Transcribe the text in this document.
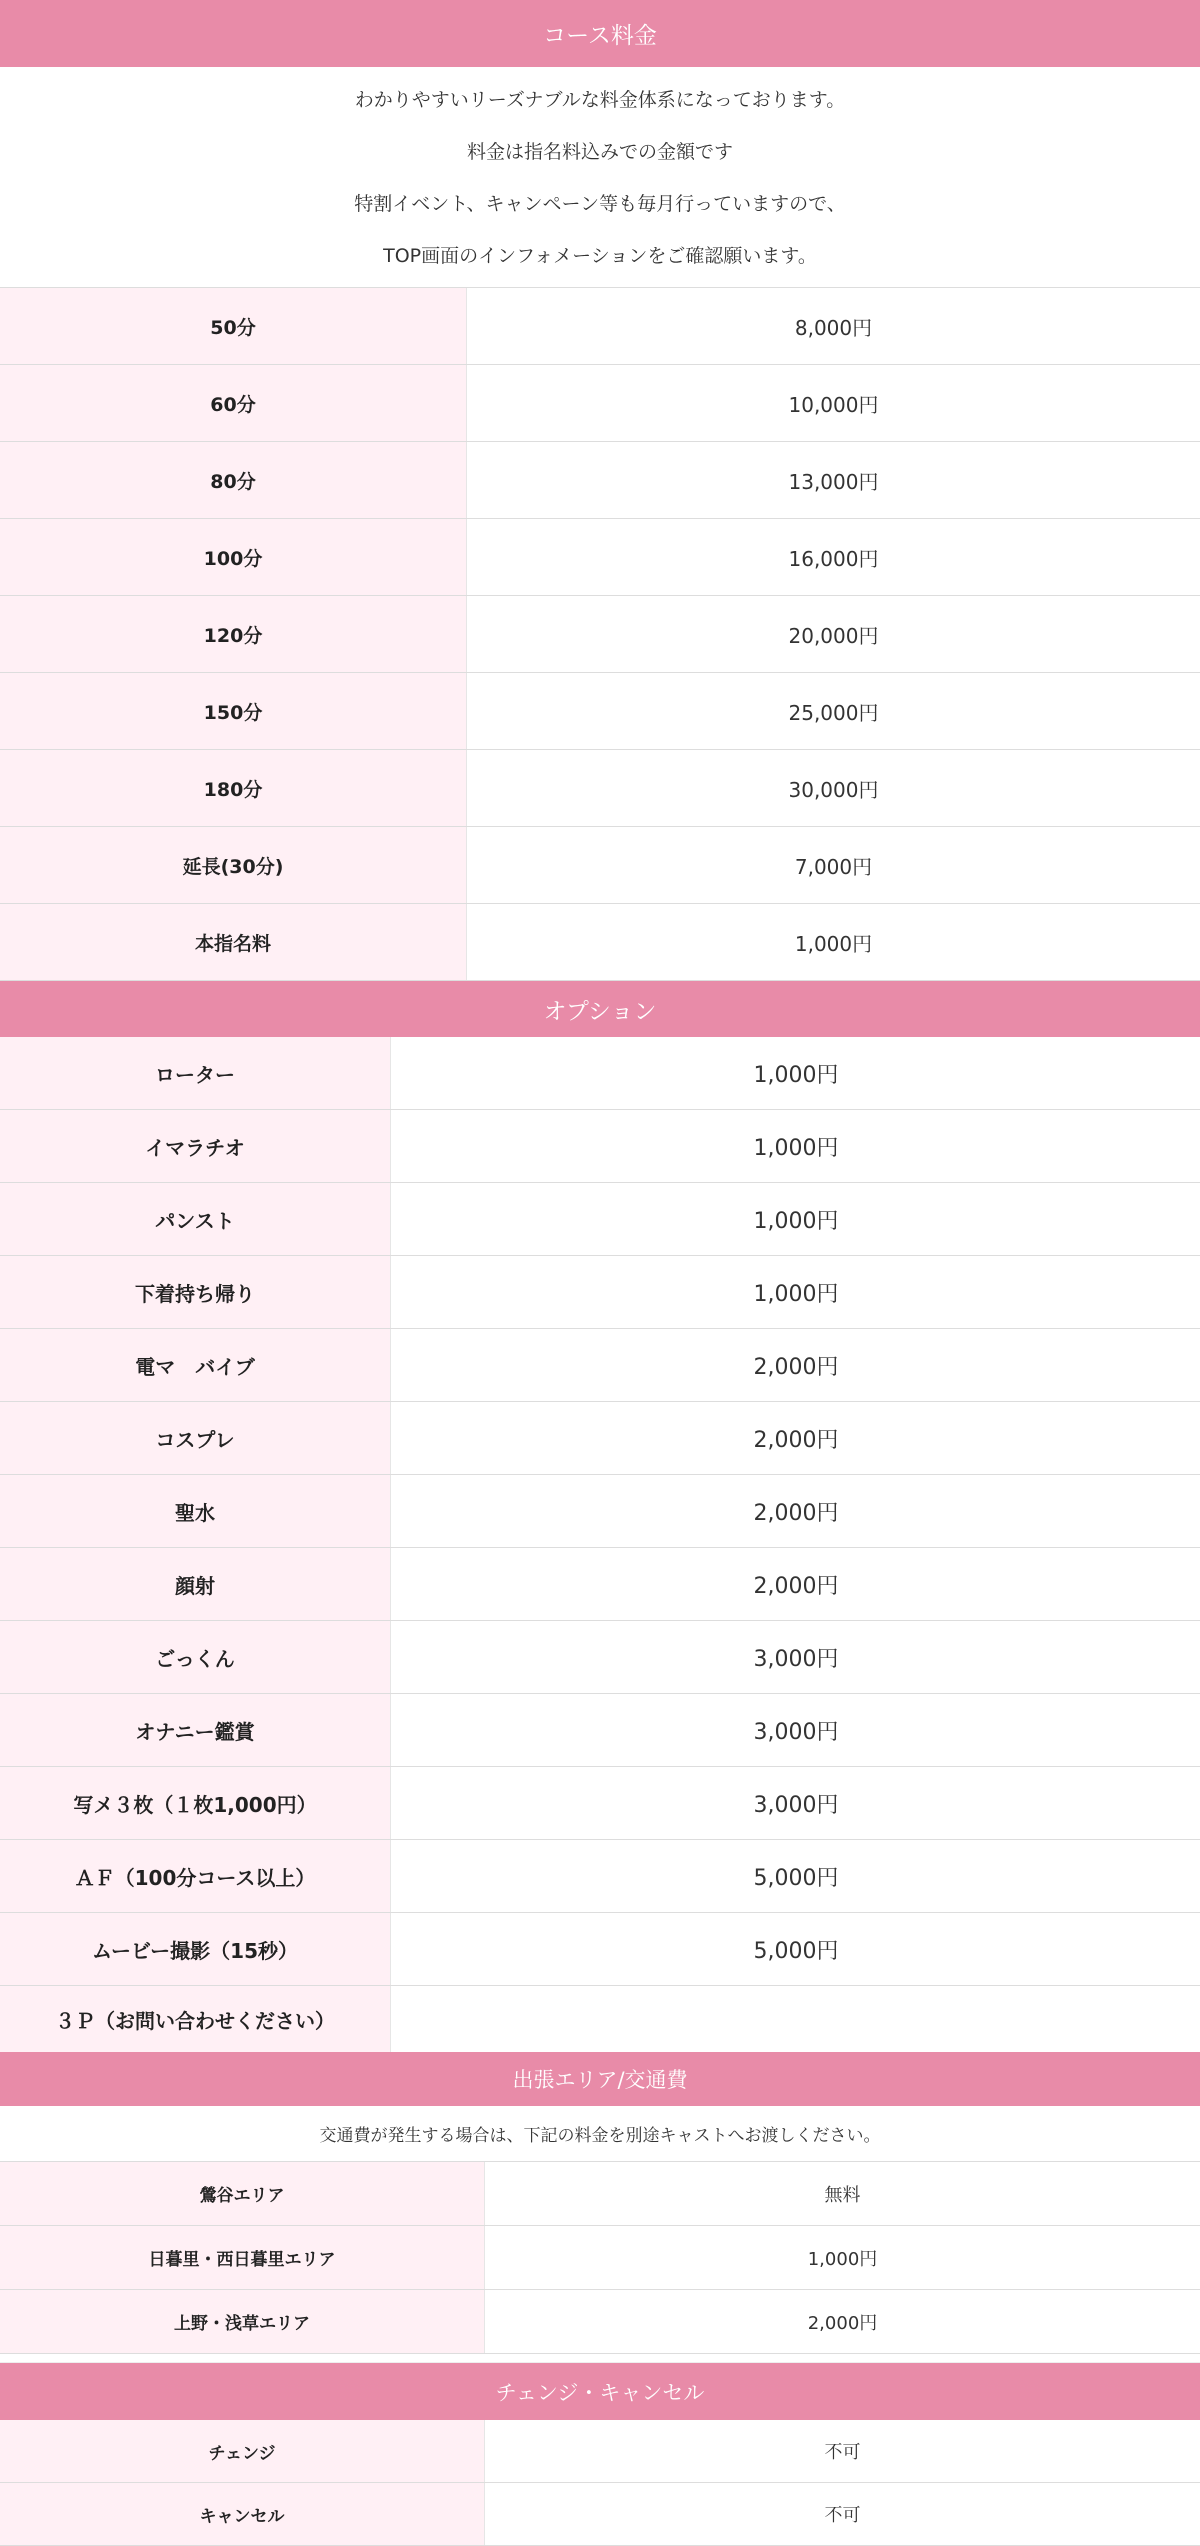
コース料金

わかりやすいリーズナブルな料金体系になっております。

料金は指名料込みでの金額です

特割イベント、キャンペーン等も毎月行っていますので、

TOP画面のインフォメーションをご確認願います。

50分	8,000円
60分	10,000円
80分	13,000円
100分	16,000円
120分	20,000円
150分	25,000円
180分	30,000円
延長(30分)	7,000円
本指名料	1,000円
オプション
ローター	1,000円
イマラチオ	1,000円
パンスト	1,000円
下着持ち帰り	1,000円
電マ　バイブ	2,000円
コスプレ	2,000円
聖水	2,000円
顔射	2,000円
ごっくん	3,000円
オナニー鑑賞	3,000円
写メ３枚（１枚1,000円）	3,000円
ＡＦ（100分コース以上）	5,000円
ムービー撮影（15秒）	5,000円
３Ｐ（お問い合わせください）
出張エリア/交通費
交通費が発生する場合は、下記の料金を別途キャストへお渡しください。
鶯谷エリア	無料
日暮里・西日暮里エリア	1,000円
上野・浅草エリア	2,000円
チェンジ・キャンセル
チェンジ	不可
キャンセル	不可
